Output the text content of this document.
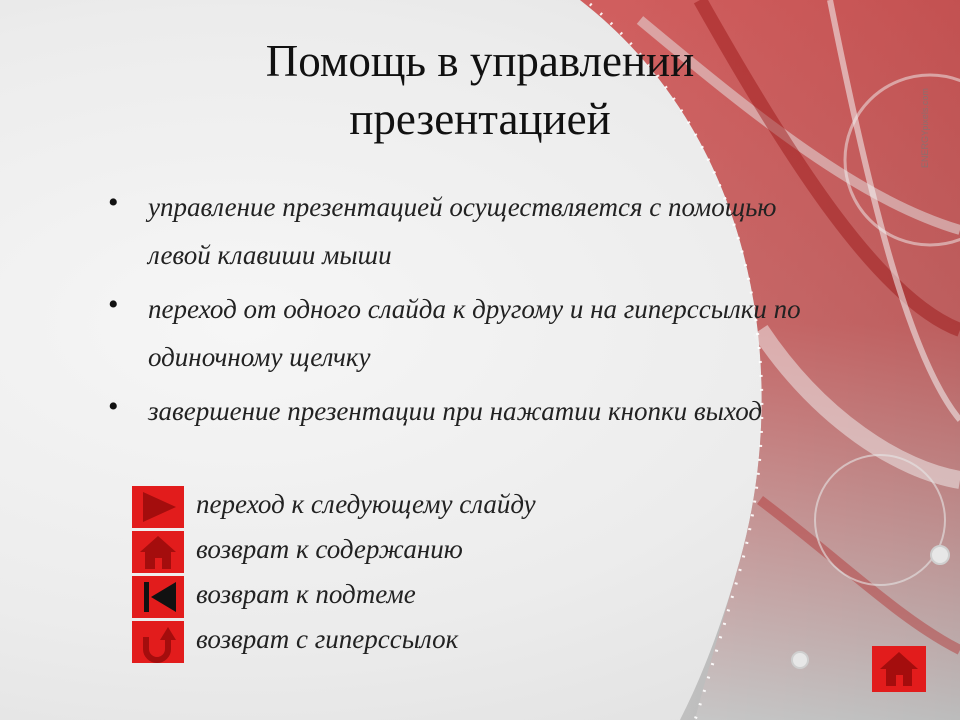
ENERGYpixels.com
Помощь в управлении
презентацией
• управление презентацией осуществляется с помощью левой клавиши мыши
• переход от одного слайда к другому и на гиперссылки по одиночному щелчку
• завершение презентации при нажатии кнопки выход
переход к следующему слайду
возврат к содержанию
возврат к подтеме
возврат с гиперссылок
